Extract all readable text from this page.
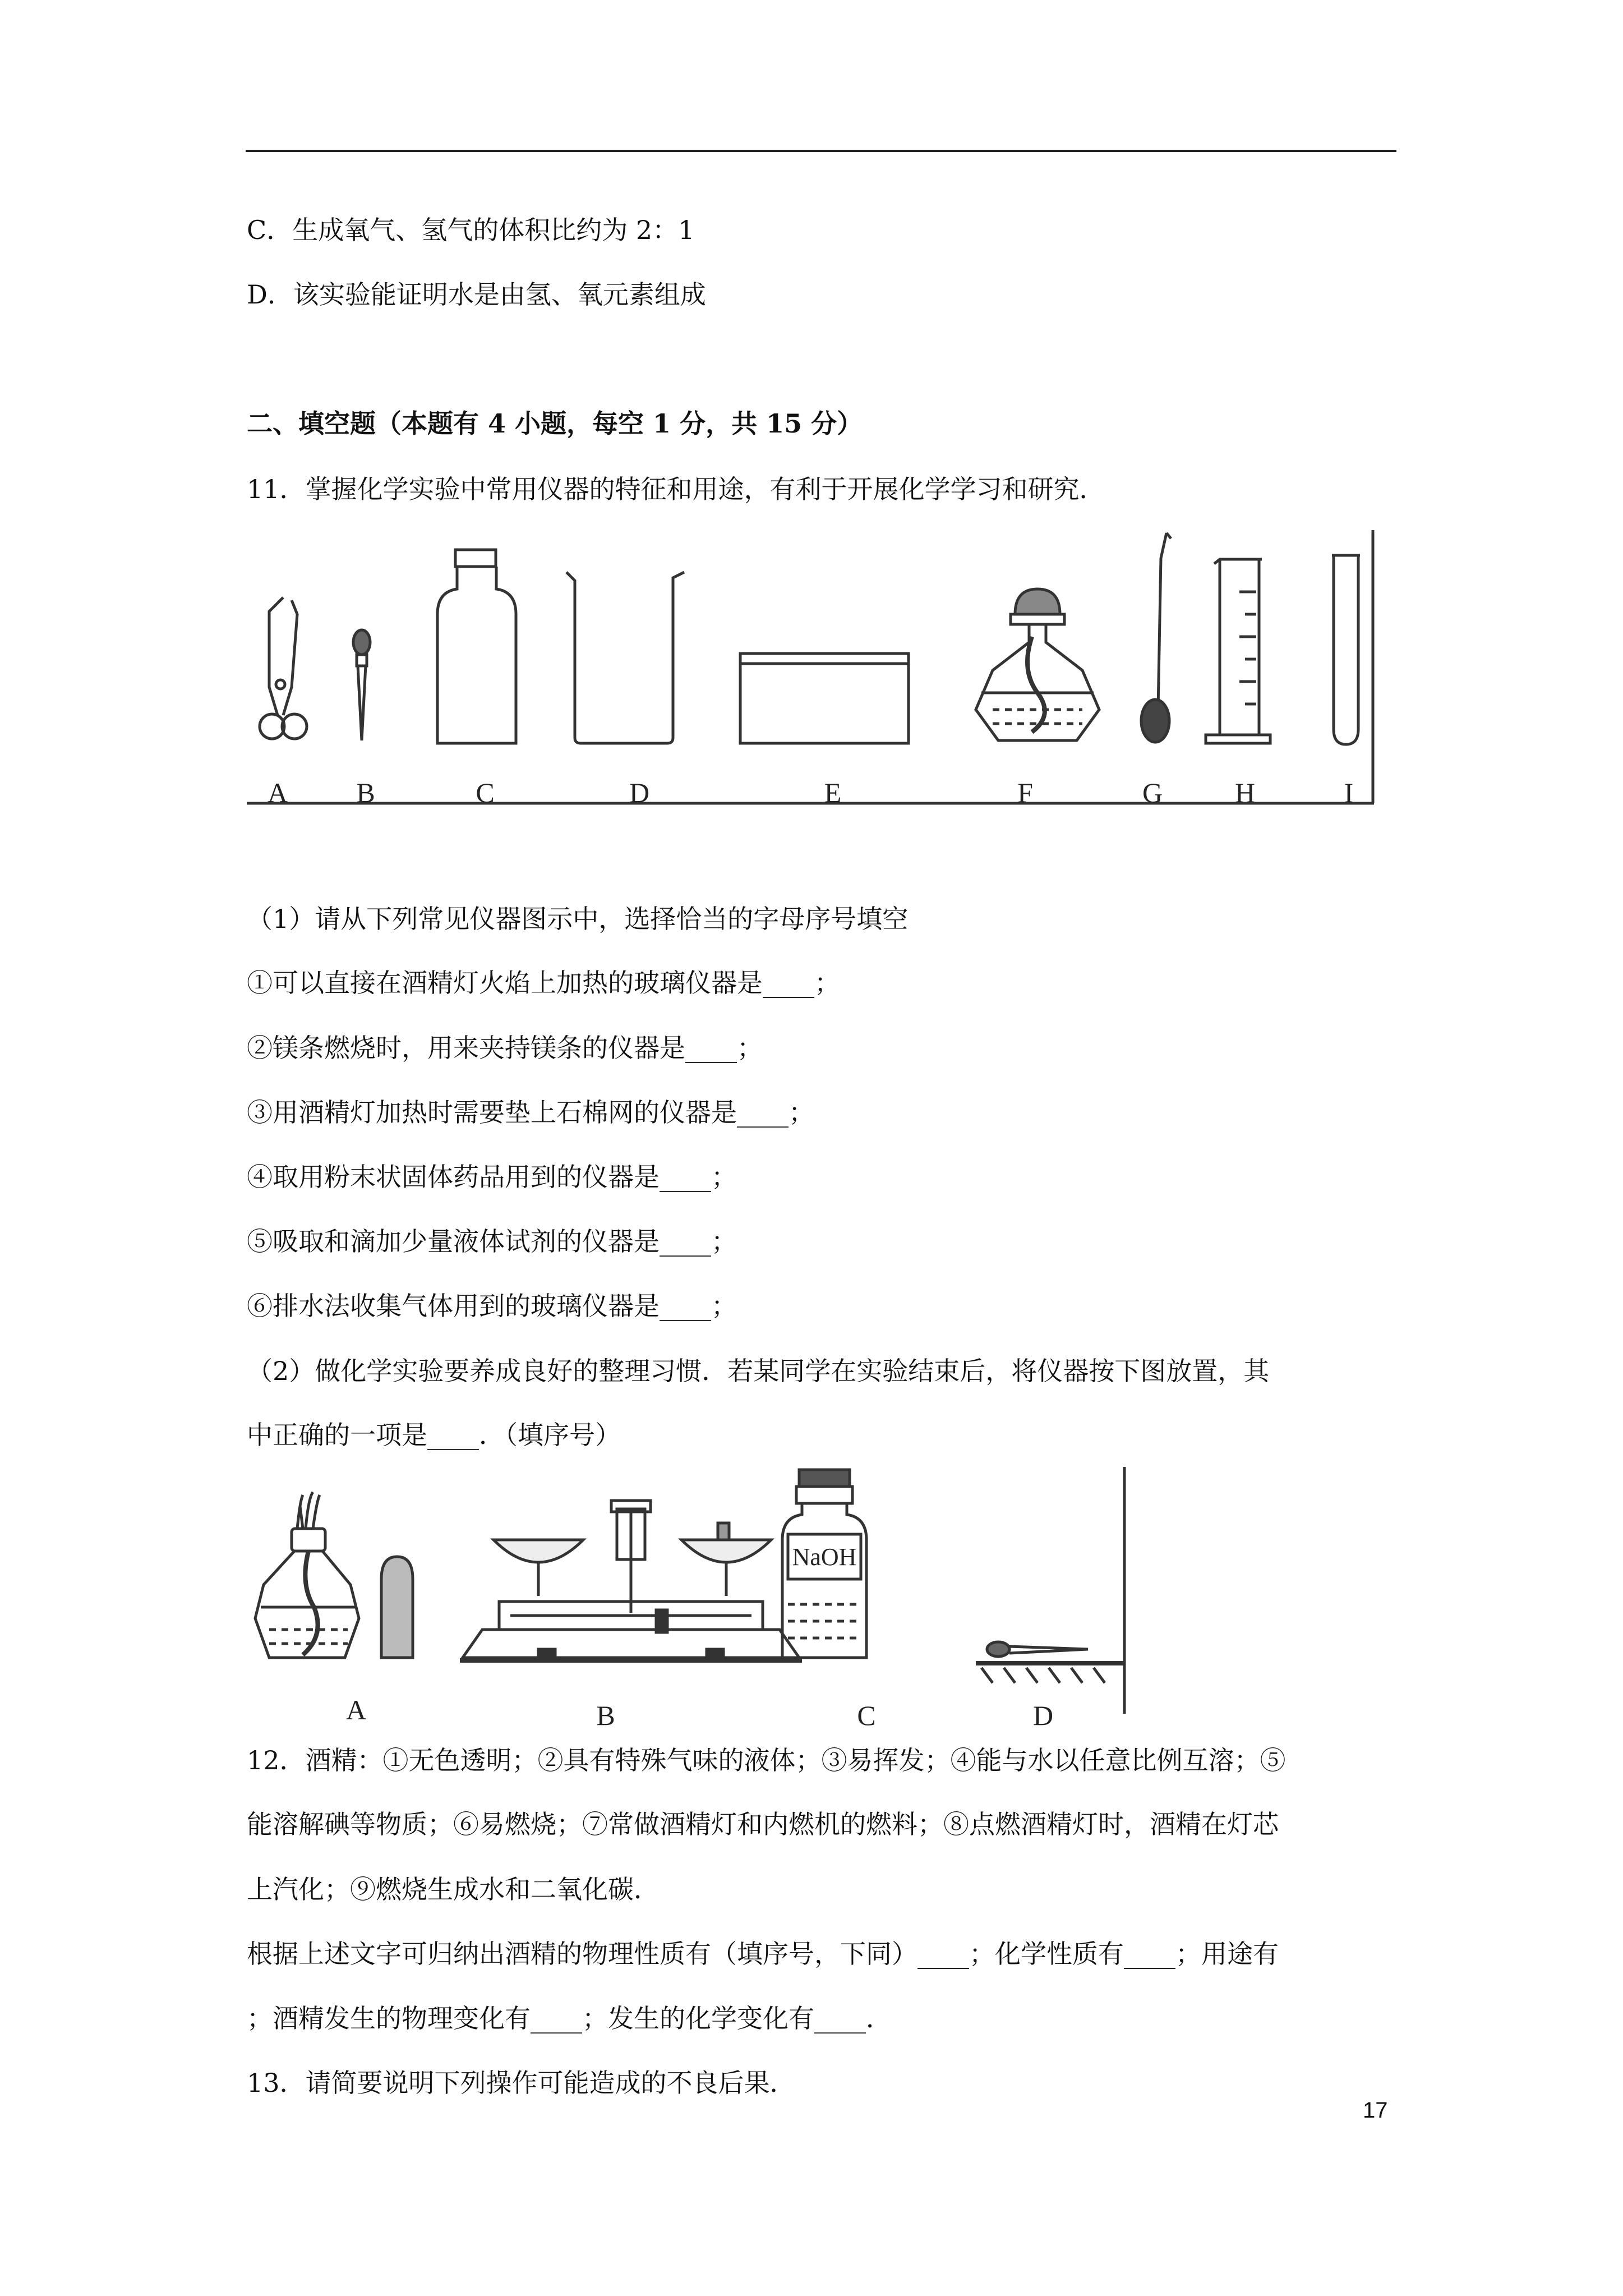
C．生成氧气、氢气的体积比约为 2：1
D．该实验能证明水是由氢、氧元素组成
二、填空题（本题有 4 小题，每空 1 分，共 15 分）
11．掌握化学实验中常用仪器的特征和用途，有利于开展化学学习和研究．
A B	C	D	E	F	G	H	I
（1）请从下列常见仪器图示中，选择恰当的字母序号填空
①可以直接在酒精灯火焰上加热的玻璃仪器是____；
②镁条燃烧时，用来夹持镁条的仪器是____；
③用酒精灯加热时需要垫上石棉网的仪器是____；
④取用粉末状固体药品用到的仪器是____；
⑤吸取和滴加少量液体试剂的仪器是____；
⑥排水法收集气体用到的玻璃仪器是____；
（2）做化学实验要养成良好的整理习惯．若某同学在实验结束后，将仪器按下图放置，其
中正确的一项是____．（填序号）
NaOH
A	B	C	D
12．酒精：①无色透明；②具有特殊气味的液体；③易挥发；④能与水以任意比例互溶；⑤
能溶解碘等物质；⑥易燃烧；⑦常做酒精灯和内燃机的燃料；⑧点燃酒精灯时，酒精在灯芯
上汽化；⑨燃烧生成水和二氧化碳．
根据上述文字可归纳出酒精的物理性质有（填序号，下同）____；化学性质有____；用途有
；酒精发生的物理变化有____；发生的化学变化有____．
13．请简要说明下列操作可能造成的不良后果．
17
